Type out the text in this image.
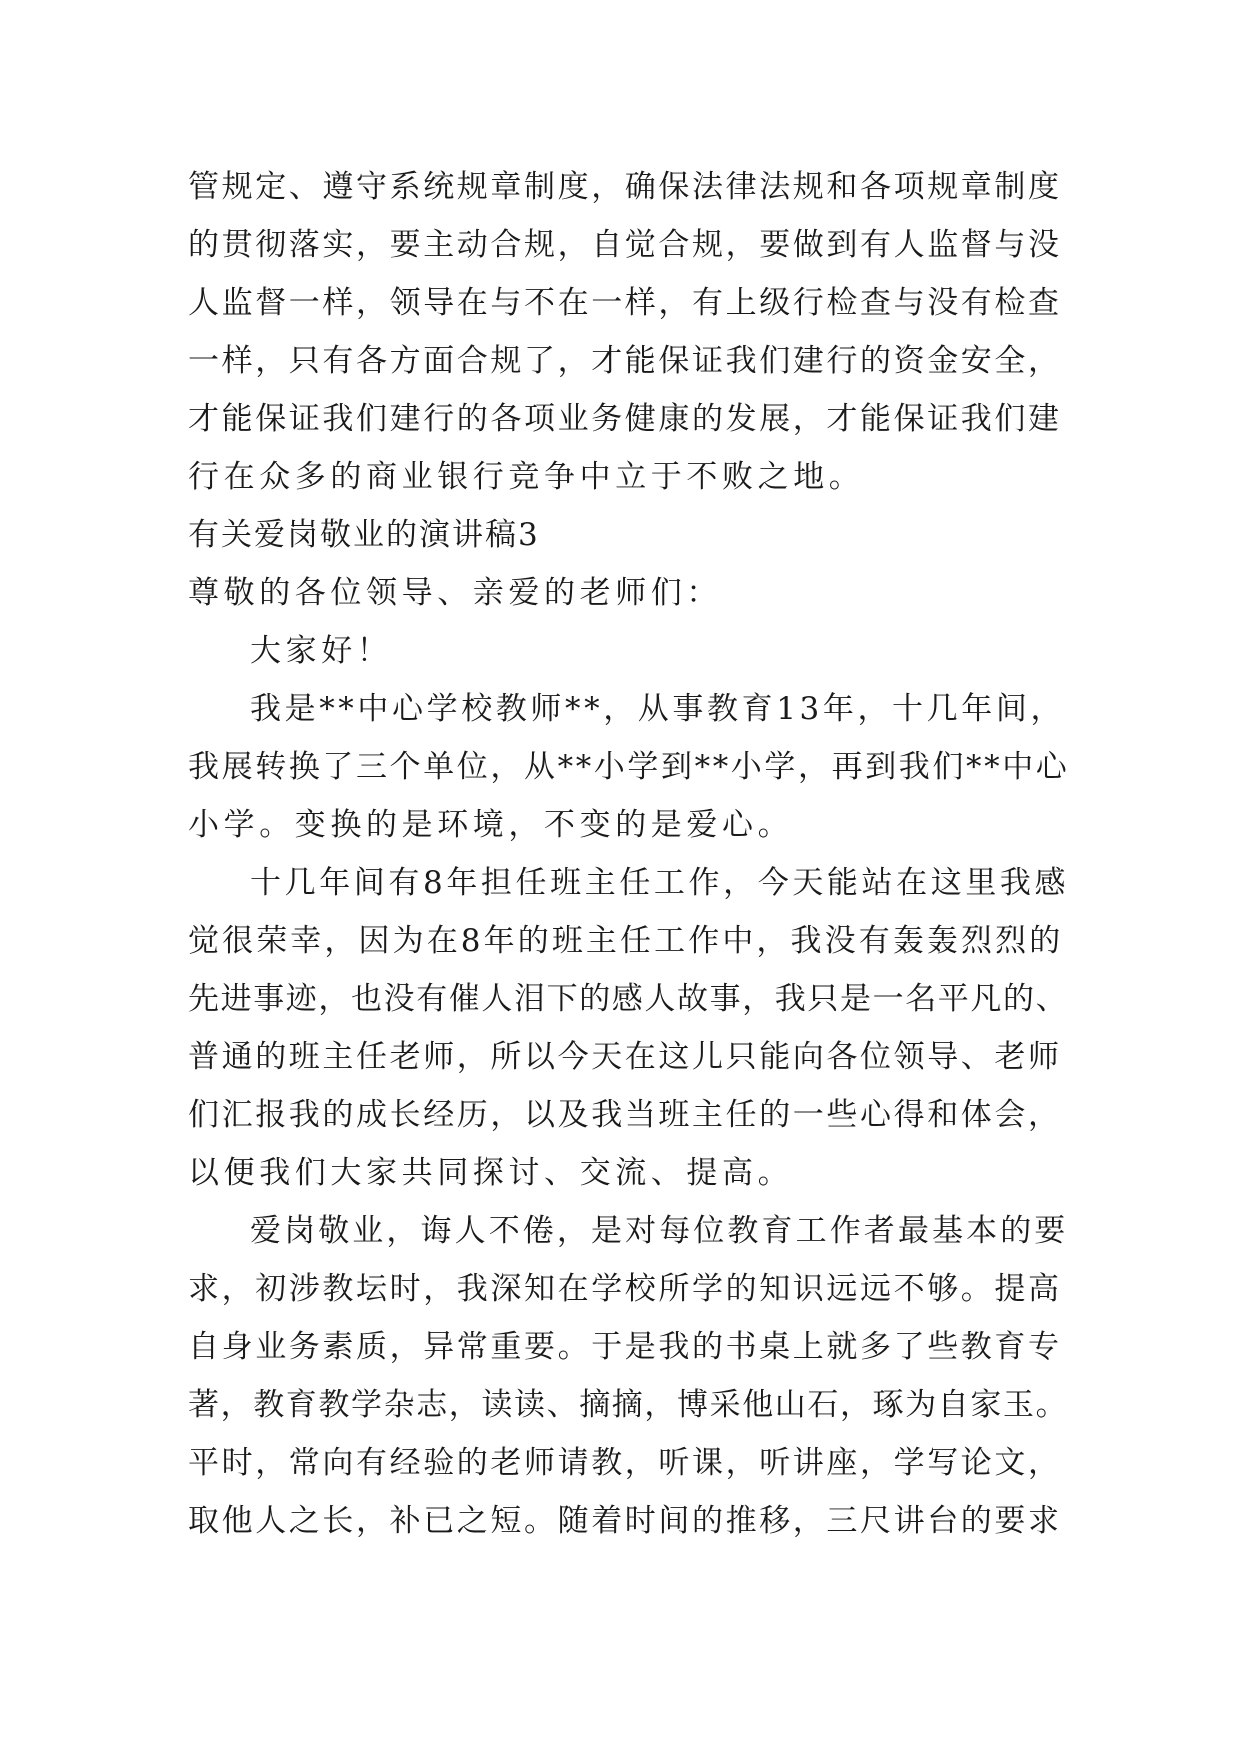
管规定、遵守系统规章制度，确保法律法规和各项规章制度
的贯彻落实，要主动合规，自觉合规，要做到有人监督与没
人监督一样，领导在与不在一样，有上级行检查与没有检查
一样，只有各方面合规了，才能保证我们建行的资金安全，
才能保证我们建行的各项业务健康的发展，才能保证我们建
行在众多的商业银行竞争中立于不败之地。
有关爱岗敬业的演讲稿3
尊敬的各位领导、亲爱的老师们：
大家好！
我是**中心学校教师**，从事教育13年，十几年间，
我展转换了三个单位，从**小学到**小学，再到我们**中心
小学。变换的是环境，不变的是爱心。
十几年间有8年担任班主任工作，今天能站在这里我感
觉很荣幸，因为在8年的班主任工作中，我没有轰轰烈烈的
先进事迹，也没有催人泪下的感人故事，我只是一名平凡的、
普通的班主任老师，所以今天在这儿只能向各位领导、老师
们汇报我的成长经历，以及我当班主任的一些心得和体会，
以便我们大家共同探讨、交流、提高。
爱岗敬业，诲人不倦，是对每位教育工作者最基本的要
求，初涉教坛时，我深知在学校所学的知识远远不够。提高
自身业务素质，异常重要。于是我的书桌上就多了些教育专
著，教育教学杂志，读读、摘摘，博采他山石，琢为自家玉。
平时，常向有经验的老师请教，听课，听讲座，学写论文，
取他人之长，补已之短。随着时间的推移，三尺讲台的要求
